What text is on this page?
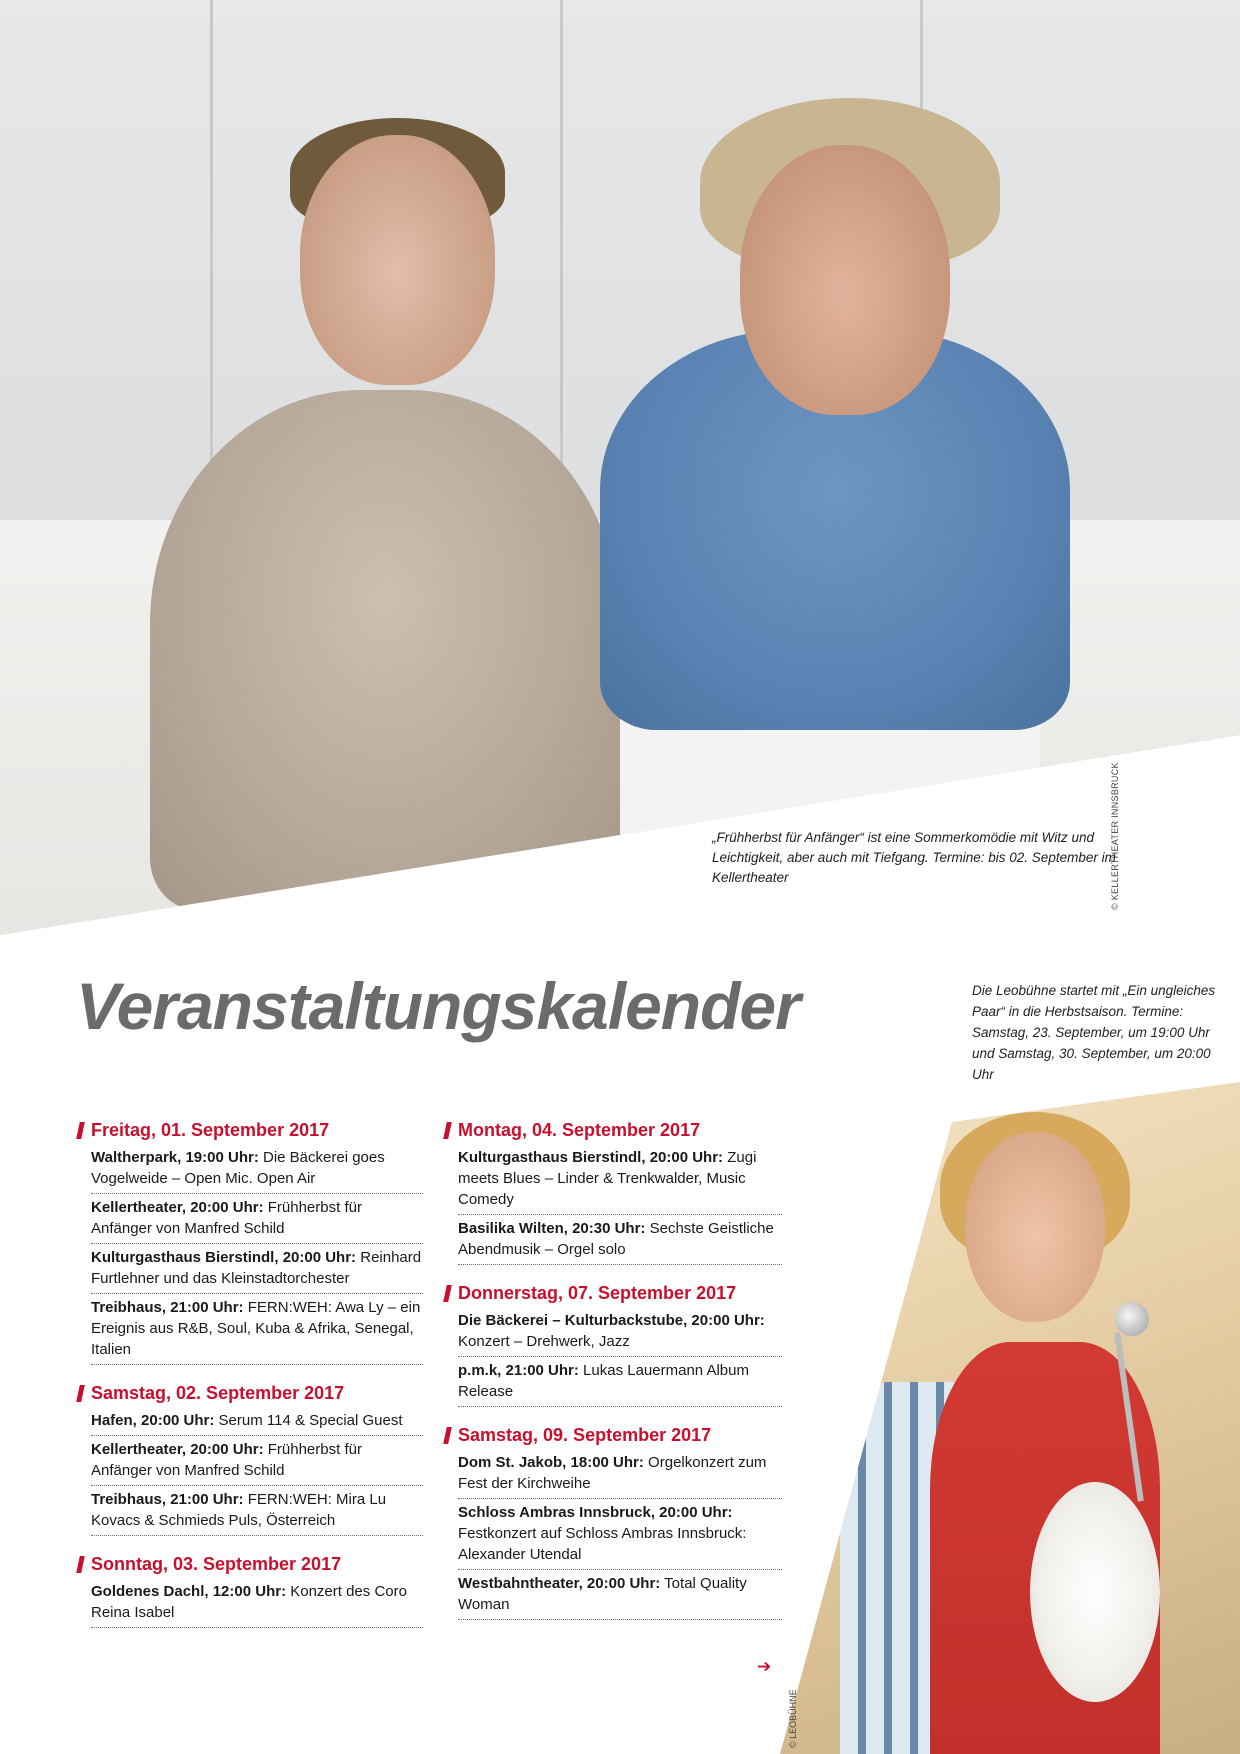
© KELLERTHEATER INNSBRUCK

„Frühherbst für Anfänger“ ist eine Sommerkomödie mit Witz und Leichtigkeit, aber auch mit Tiefgang. Termine: bis 02. September im Kellertheater

Veranstaltungskalender	Die Leobühne startet mit „Ein ungleiches Paar“ in die Herbstsaison. Termine: Samstag, 23. September, um 19:00 Uhr und Samstag, 30. September, um 20:00 Uhr

© LEOBÜHNE
Freitag, 01. September 2017
Waltherpark, 19:00 Uhr: Die Bäckerei goes Vogelweide – Open Mic. Open Air
Kellertheater, 20:00 Uhr: Frühherbst für Anfänger von Manfred Schild
Kulturgasthaus Bierstindl, 20:00 Uhr: Reinhard Furtlehner und das Kleinstadtorchester
Treibhaus, 21:00 Uhr: FERN:WEH: Awa Ly – ein Ereignis aus R&B, Soul, Kuba & Afrika, Senegal, Italien
Samstag, 02. September 2017
Hafen, 20:00 Uhr: Serum 114 & Special Guest
Kellertheater, 20:00 Uhr: Frühherbst für Anfänger von Manfred Schild
Treibhaus, 21:00 Uhr: FERN:WEH: Mira Lu Kovacs & Schmieds Puls, Österreich
Sonntag, 03. September 2017
Goldenes Dachl, 12:00 Uhr: Konzert des Coro Reina Isabel
Montag, 04. September 2017
Kulturgasthaus Bierstindl, 20:00 Uhr: Zugi meets Blues – Linder & Trenkwalder, Music Comedy
Basilika Wilten, 20:30 Uhr: Sechste Geistliche Abendmusik – Orgel solo
Donnerstag, 07. September 2017
Die Bäckerei – Kulturbackstube, 20:00 Uhr: Konzert – Drehwerk, Jazz
p.m.k, 21:00 Uhr: Lukas Lauermann Album Release
Samstag, 09. September 2017
Dom St. Jakob, 18:00 Uhr: Orgelkonzert zum Fest der Kirchweihe
Schloss Ambras Innsbruck, 20:00 Uhr: Festkonzert auf Schloss Ambras Innsbruck: Alexander Utendal
Westbahntheater, 20:00 Uhr: Total Quality Woman
➔
